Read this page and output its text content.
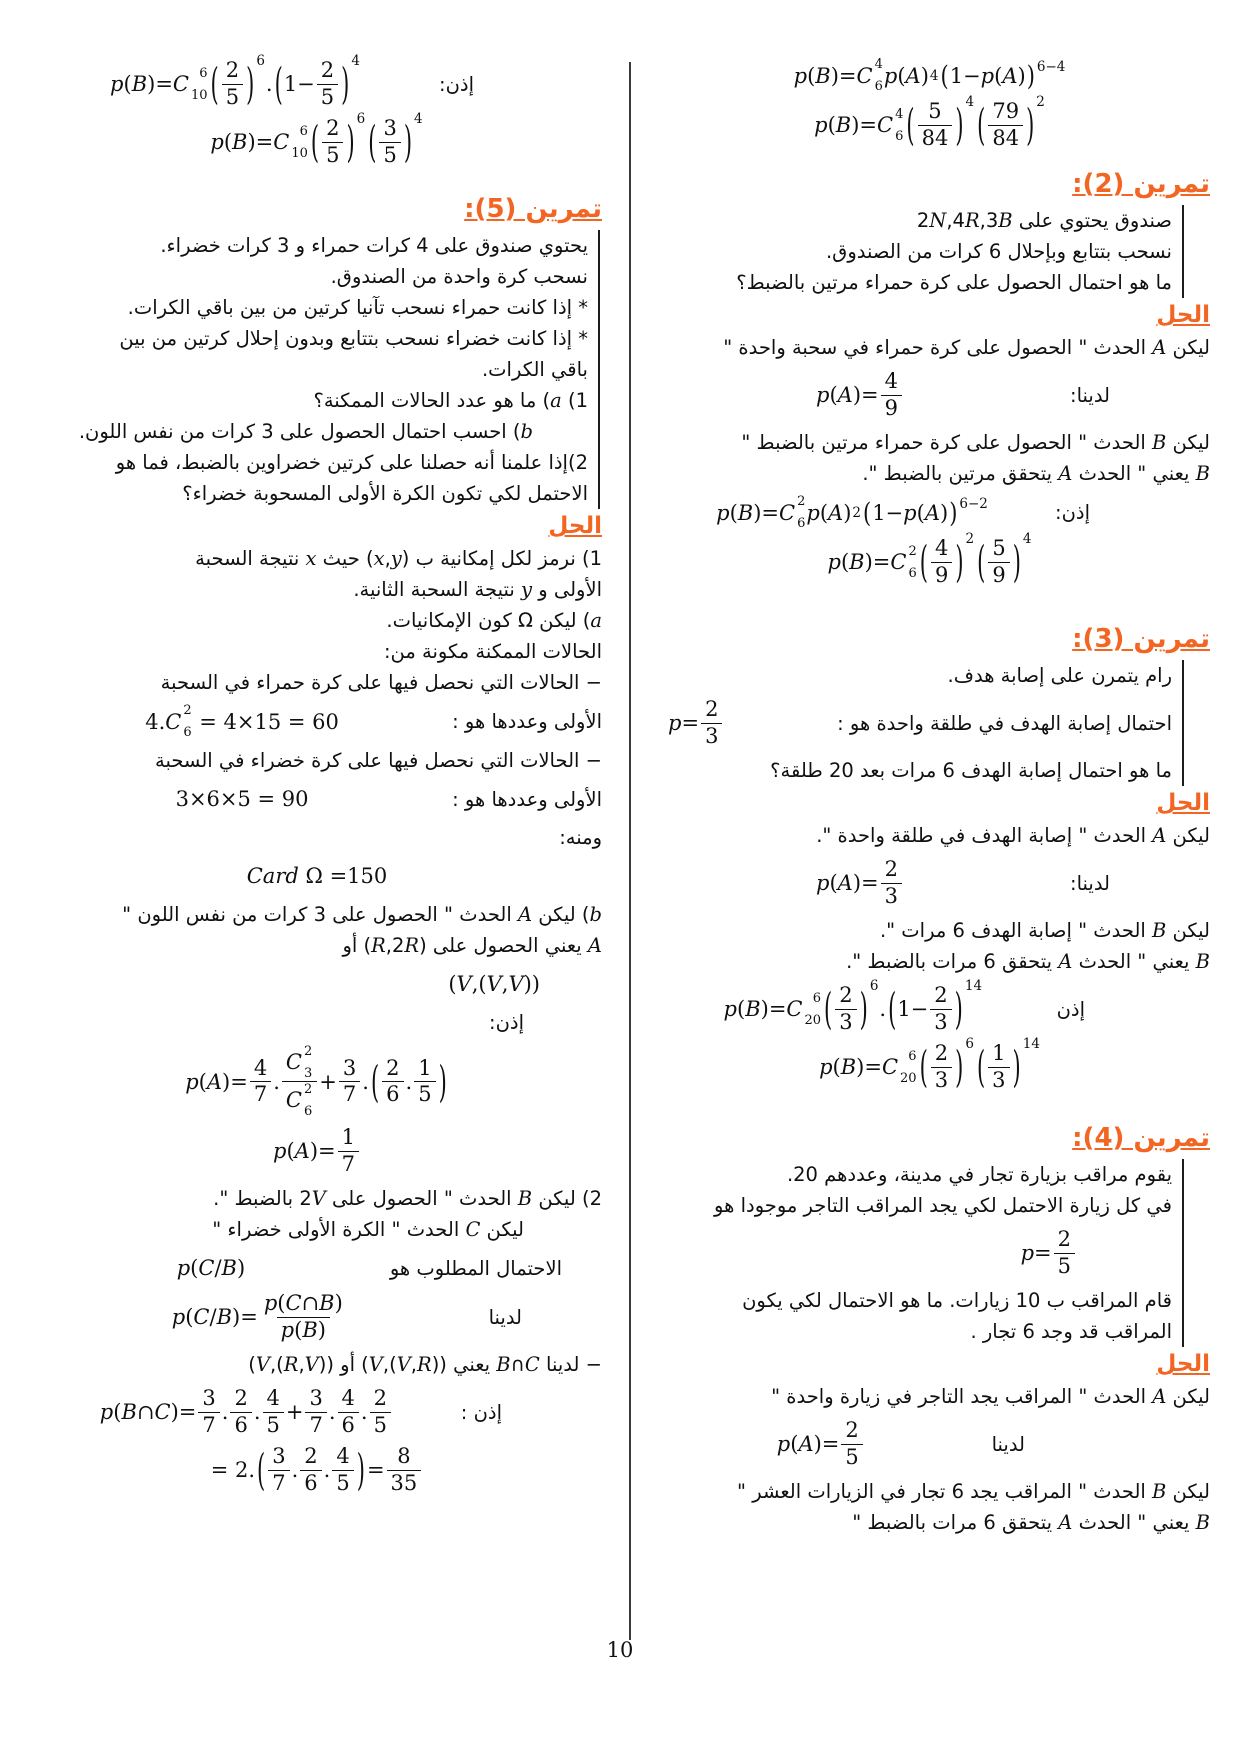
إذن:
p(B)= C 6
10 ( $\frac{2}{5}$ ) 6
. ( $1- \frac{2}{5}$ ) 4
p(B)= C 6
10 ( $\frac{2}{5}$ ) 6 ( $\frac{3}{5}$ ) 4
تمرين (5):
يحتوي صندوق على 4 كرات حمراء و 3 كرات خضراء.
نسحب كرة واحدة من الصندوق.
* إذا كانت حمراء نسحب تآنيا كرتين من بين باقي الكرات.
* إذا كانت خضراء نسحب بتتابع وبدون إحلال كرتين من بين
باقي الكرات.
1) a) ما هو عدد الحالات الممكنة؟
b) احسب احتمال الحصول على 3 كرات من نفس اللون.
2)إذا علمنا أنه حصلنا على كرتين خضراوين بالضبط، فما هو
الاحتمل لكي تكون الكرة الأولى المسحوبة خضراء؟
الحل
1) نرمز لكل إمكانية ب (x,y) حيث x نتيجة السحبة
الأولى و y نتيجة السحبة الثانية.
a) ليكن Ω كون الإمكانيات.
الحالات الممكنة مكونة من:
− الحالات التي نحصل فيها على كرة حمراء في السحبة
الأولى وعددها هو :
4. C 2
6 = 4×15 = 60
− الحالات التي نحصل فيها على كرة خضراء في السحبة
الأولى وعددها هو :
3×6×5 = 90
ومنه:
Card Ω =150
b) ليكن A الحدث " الحصول على 3 كرات من نفس اللون "
A يعني الحصول على (R,2R) أو
(V,(V,V))
إذن:
$p(A)= \frac{4}{7}$ . C 2
3
C 2
$6 + \frac{3}{7}$ . ( $\frac{2}{6}$ . $\frac{1}{5}$ )
$p(A)= \frac{1}{7}$
2) ليكن B الحدث " الحصول على 2V بالضبط ".
ليكن C الحدث " الكرة الأولى خضراء "
الاحتمال المطلوب هو
p(C/B)
لدينا
$p(C/B)= \frac{p(C\cap B)}{p(B)}$
− لدينا B∩C يعني (V,(V,R)) أو (V,(R,V))
إذن :
p(B∩C)= $\frac{3}{7}$ . $\frac{2}{6}$ . $\frac{4}{5} + \frac{3}{7}$ . $\frac{4}{6}$ . $\frac{2}{5}$
= 2. ( $\frac{3}{7}$ . $\frac{2}{6}$ . $\frac{4}{5}$ ) = $\frac{8}{35}$
p(B)= C 4
6 p(A) 4 ( 1−p(A) ) 6−4
p(B)= C 4
6 ( $\frac{5}{84}$ ) 4 ( $\frac{79}{84}$ ) 2
تمرين (2):
صندوق يحتوي على 2N,4R,3B
نسحب بتتابع وبإحلال 6 كرات من الصندوق.
ما هو احتمال الحصول على كرة حمراء مرتين بالضبط؟
الحل
ليكن A الحدث " الحصول على كرة حمراء في سحبة واحدة "
لدينا:
$p(A)= \frac{4}{9}$
ليكن B الحدث " الحصول على كرة حمراء مرتين بالضبط "
B يعني " الحدث A يتحقق مرتين بالضبط ".
إذن:
p(B)= C 2
6 p(A) 2 ( 1−p(A) ) 6−2
p(B)= C 2
6 ( $\frac{4}{9}$ ) 2 ( $\frac{5}{9}$ ) 4
تمرين (3):
رام يتمرن على إصابة هدف.
احتمال إصابة الهدف في طلقة واحدة هو :
$p= \frac{2}{3}$
ما هو احتمال إصابة الهدف 6 مرات بعد 20 طلقة؟
الحل
ليكن A الحدث " إصابة الهدف في طلقة واحدة ".
لدينا:
$p(A)= \frac{2}{3}$
ليكن B الحدث " إصابة الهدف 6 مرات ".
B يعني " الحدث A يتحقق 6 مرات بالضبط ".
إذن
p(B)= C 6
20 ( $\frac{2}{3}$ ) 6
. ( $1- \frac{2}{3}$ ) 14
p(B)= C 6
20 ( $\frac{2}{3}$ ) 6 ( $\frac{1}{3}$ ) 14
تمرين (4):
يقوم مراقب بزيارة تجار في مدينة، وعددهم 20.
في كل زيارة الاحتمل لكي يجد المراقب التاجر موجودا هو
$p= \frac{2}{5}$
قام المراقب ب 10 زيارات. ما هو الاحتمال لكي يكون
المراقب قد وجد 6 تجار .
الحل
ليكن A الحدث " المراقب يجد التاجر في زيارة واحدة "
لدينا
$p(A)= \frac{2}{5}$
ليكن B الحدث " المراقب يجد 6 تجار في الزيارات العشر "
B يعني " الحدث A يتحقق 6 مرات بالضبط "
10
